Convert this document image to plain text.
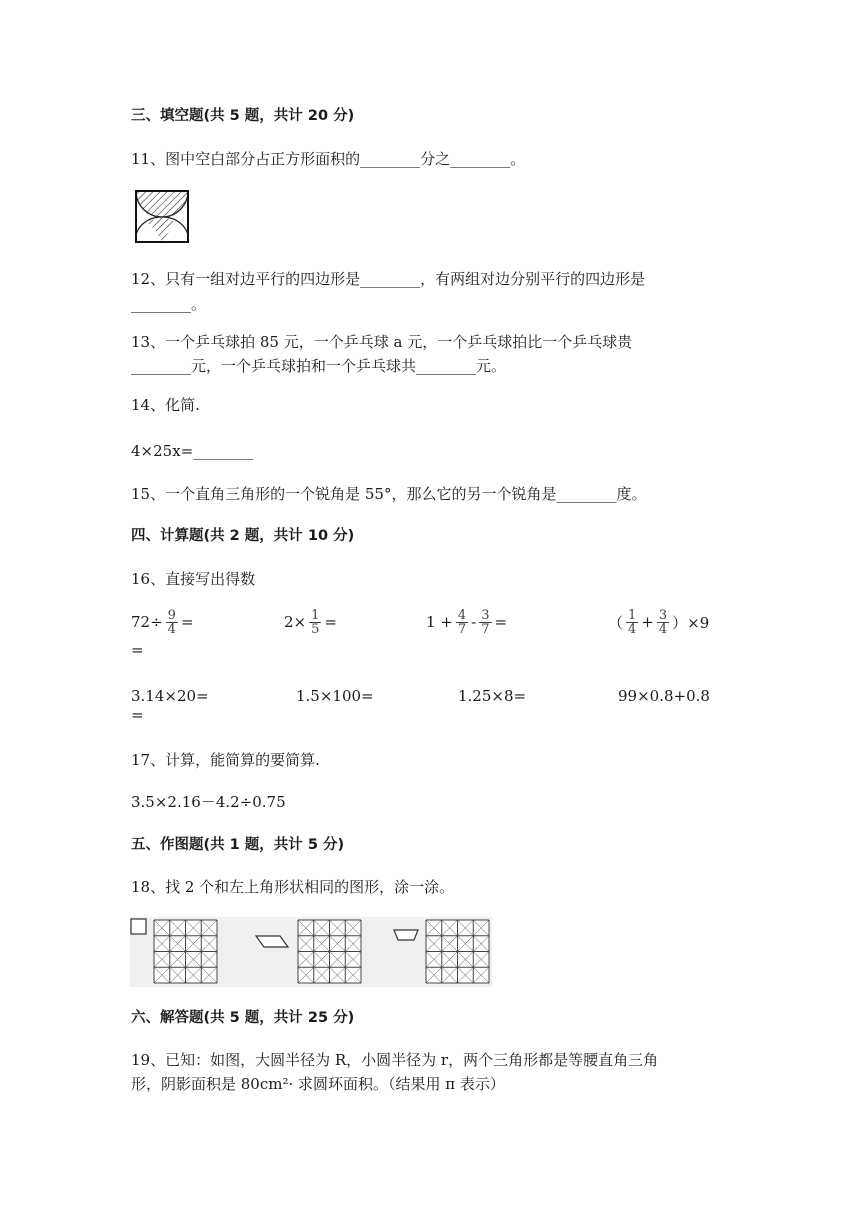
三、填空题(共 5 题，共计 20 分)
11、图中空白部分占正方形面积的________分之________。
12、只有一组对边平行的四边形是________，有两组对边分别平行的四边形是
________。
13、一个乒乓球拍 85 元，一个乒乓球 a 元，一个乒乓球拍比一个乒乓球贵
________元，一个乒乓球拍和一个乒乓球共________元。
14、化简.
4×25x=________
15、一个直角三角形的一个锐角是 55°，那么它的另一个锐角是________度。
四、计算题(共 2 题，共计 10 分)
16、直接写出得数
$72\div \frac{9}{4}$ =	$2\times \frac{1}{5}$ =	$1 + \frac{4}{7} - \frac{3}{7}$ =	（ $\frac{1}{4} + \frac{3}{4} )\times 9$
=
3.14×20=	1.5×100=	1.25×8=	99×0.8+0.8
=
17、计算，能简算的要简算.
3.5×2.16－4.2÷0.75
五、作图题(共 1 题，共计 5 分)
18、找 2 个和左上角形状相同的图形，涂一涂。
六、解答题(共 5 题，共计 25 分)
19、已知：如图，大圆半径为 R，小圆半径为 r，两个三角形都是等腰直角三角
形，阴影面积是 80cm²· 求圆环面积。（结果用 π 表示）
